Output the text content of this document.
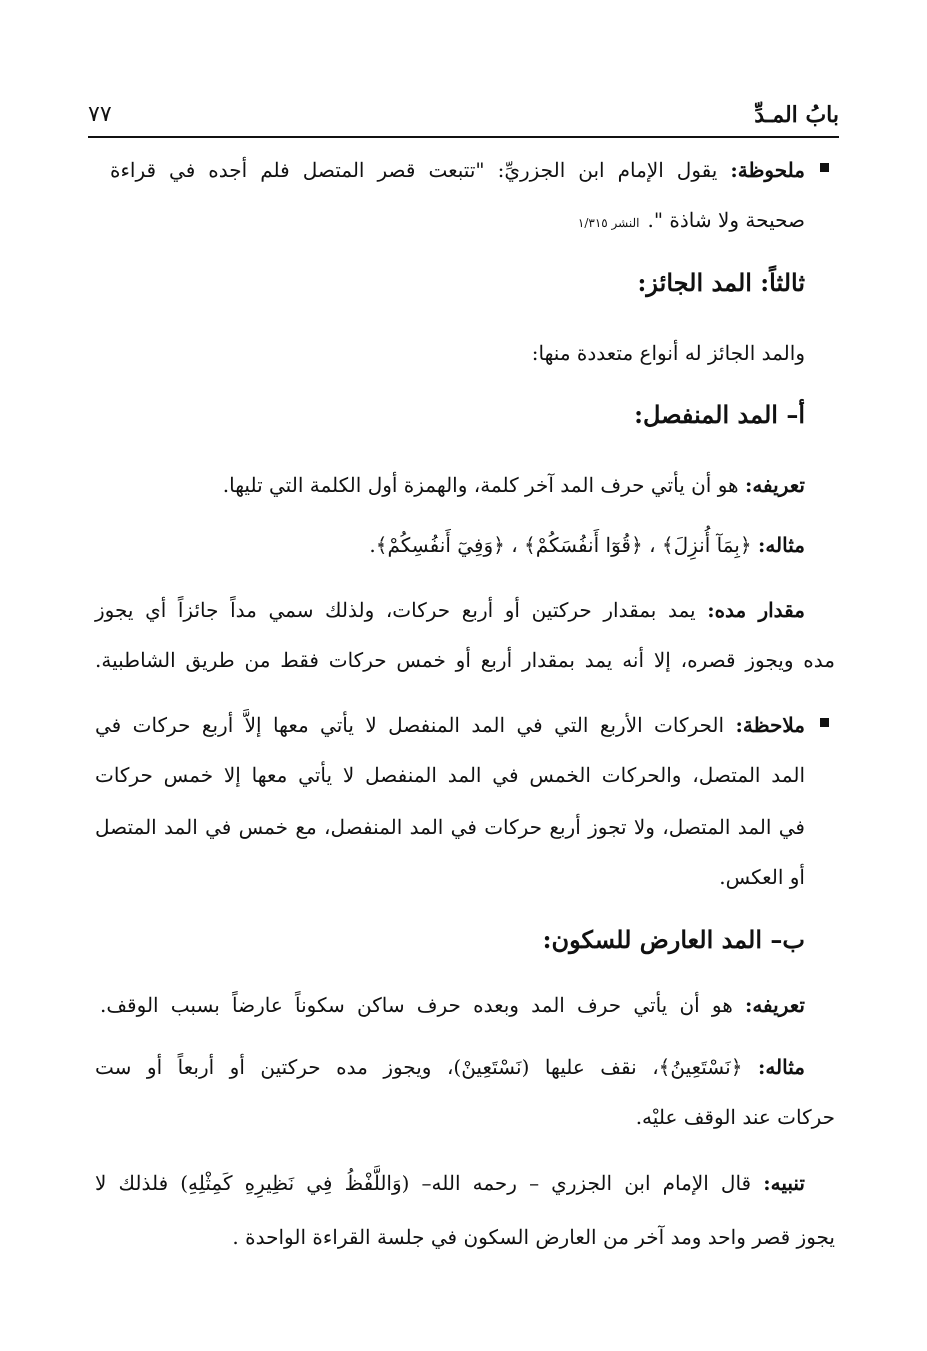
بابُ المـدِّ
٧٧
ملحوظة: يقول الإمام ابن الجزريِّ: "تتبعت قصر المتصل فلم أجده في قراءة
صحيحة ولا شاذة ".النشر ١/٣١٥
ثالثاً: المد الجائز:
والمد الجائز له أنواع متعددة منها:
أ– المد المنفصل:
تعريفه: هو أن يأتي حرف المد آخر كلمة، والهمزة أول الكلمة التي تليها.
مثاله: ﴿بِمَآ أُنزِلَ﴾ ، ﴿قُوٓا أَنفُسَكُمْ﴾ ، ﴿وَفِيٓ أَنفُسِكُمْ﴾.
مقدار مده: يمد بمقدار حركتين أو أربع حركات، ولذلك سمي مداً جائزاً أي يجوز
مده ويجوز قصره، إلا أنه يمد بمقدار أربع أو خمس حركات فقط من طريق الشاطبية.
ملاحظة: الحركات الأربع التي في المد المنفصل لا يأتي معها إلاَّ أربع حركات في
المد المتصل، والحركات الخمس في المد المنفصل لا يأتي معها إلا خمس حركات
في المد المتصل، ولا تجوز أربع حركات في المد المنفصل، مع خمس في المد المتصل
أو العكس.
ب– المد العارض للسكون:
تعريفه: هو أن يأتي حرف المد وبعده حرف ساكن سكوناً عارضاً بسبب الوقف.
مثاله: ﴿نَسْتَعِينُ﴾، نقف عليها (نَسْتَعِينْ)، ويجوز مده حركتين أو أربعاً أو ست
حركات عند الوقف عليْه.
تنبيه: قال الإمام ابن الجزري – رحمه الله– (وَاللَّفْظُ فِي نَظِيرِهِ كَمِثْلِهِ) فلذلك لا
يجوز قصر واحد ومد آخر من العارض السكون في جلسة القراءة الواحدة .
